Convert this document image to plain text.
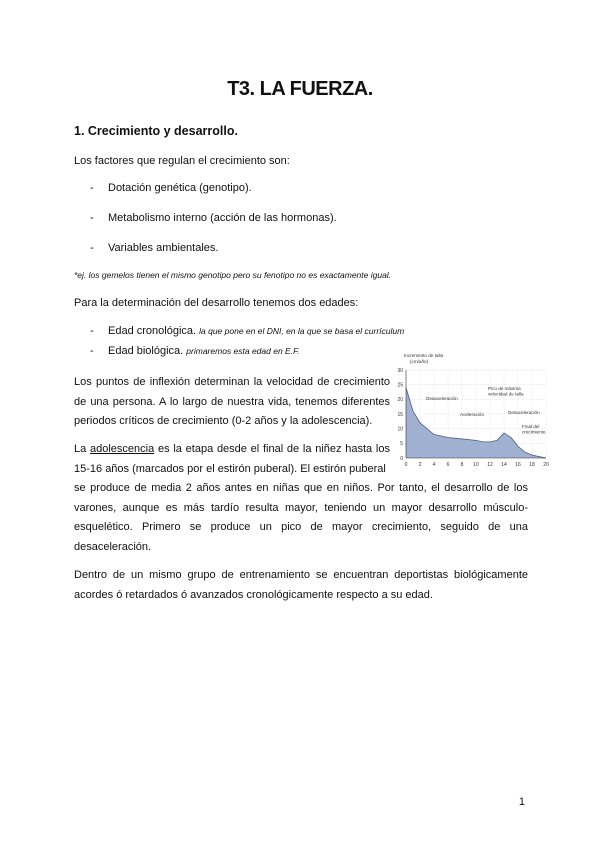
T3. LA FUERZA.
1. Crecimiento y desarrollo.
Los factores que regulan el crecimiento son:
- Dotación genética (genotipo).
- Metabolismo interno (acción de las hormonas).
- Variables ambientales.
*ej. los gemelos tienen el mismo genotipo pero su fenotipo no es exactamente igual.
Para la determinación del desarrollo tenemos dos edades:
- Edad cronológica. la que pone en el DNI, en la que se basa el currículum
- Edad biológica. primaremos esta edad en E.F.
Los puntos de inflexión determinan la velocidad de crecimiento de una persona. A lo largo de nuestra vida, tenemos diferentes periodos críticos de crecimiento (0-2 años y la adolescencia).
La adolescencia es la etapa desde el final de la niñez hasta los 15-16 años (marcados por el estirón puberal). El estirón puberal
se produce de media 2 años antes en niñas que en niños. Por tanto, el desarrollo de los varones, aunque es más tardío resulta mayor, teniendo un mayor desarrollo músculo-esquelético. Primero se produce un pico de mayor crecimiento, seguido de una desaceleración.
Dentro de un mismo grupo de entrenamiento se encuentran deportistas biológicamente acordes ó retardados ó avanzados cronológicamente respecto a su edad.
0 2 4 6 8 10 12 14 16 18 20
0
5
10
15
20
25
30
Incremento de talla
(cm/año)
Desaceleración
Pico de máxima
velocidad de talla
Aceleración	Desaceleración
Final del
crecimiento
1
